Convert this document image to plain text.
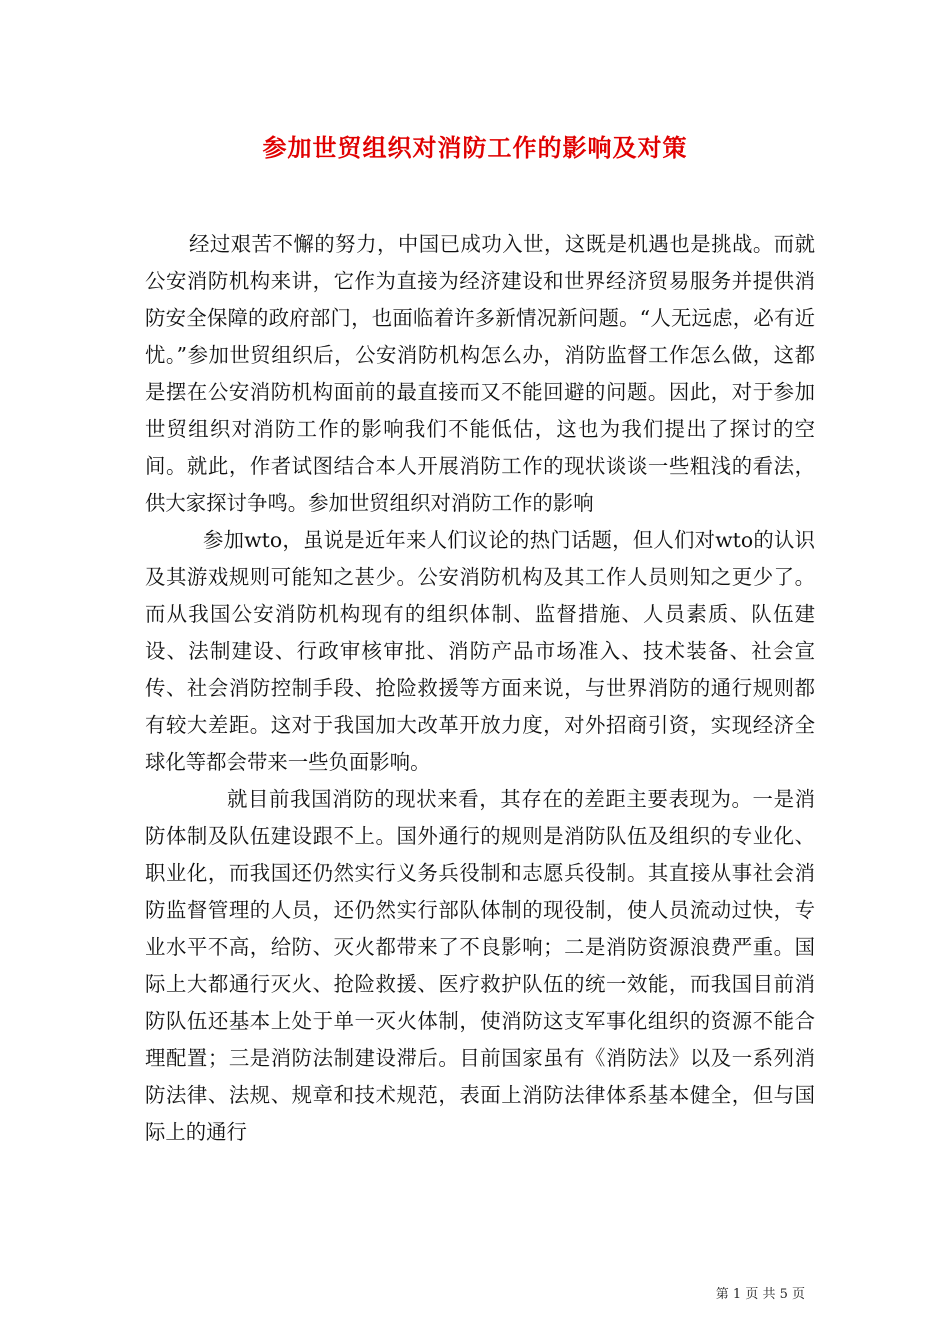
参加世贸组织对消防工作的影响及对策

经过艰苦不懈的努力，中国已成功入世，这既是机遇也是挑战。而就公安消防机构来讲，它作为直接为经济建设和世界经济贸易服务并提供消防安全保障的政府部门，也面临着许多新情况新问题。“人无远虑，必有近忧。”参加世贸组织后，公安消防机构怎么办，消防监督工作怎么做，这都是摆在公安消防机构面前的最直接而又不能回避的问题。因此，对于参加世贸组织对消防工作的影响我们不能低估，这也为我们提出了探讨的空间。就此，作者试图结合本人开展消防工作的现状谈谈一些粗浅的看法，供大家探讨争鸣。参加世贸组织对消防工作的影响

参加wto，虽说是近年来人们议论的热门话题，但人们对wto的认识及其游戏规则可能知之甚少。公安消防机构及其工作人员则知之更少了。而从我国公安消防机构现有的组织体制、监督措施、人员素质、队伍建设、法制建设、行政审核审批、消防产品市场准入、技术装备、社会宣传、社会消防控制手段、抢险救援等方面来说，与世界消防的通行规则都有较大差距。这对于我国加大改革开放力度，对外招商引资，实现经济全球化等都会带来一些负面影响。

就目前我国消防的现状来看，其存在的差距主要表现为。一是消防体制及队伍建设跟不上。国外通行的规则是消防队伍及组织的专业化、职业化，而我国还仍然实行义务兵役制和志愿兵役制。其直接从事社会消防监督管理的人员，还仍然实行部队体制的现役制，使人员流动过快，专业水平不高，给防、灭火都带来了不良影响；二是消防资源浪费严重。国际上大都通行灭火、抢险救援、医疗救护队伍的统一效能，而我国目前消防队伍还基本上处于单一灭火体制，使消防这支军事化组织的资源不能合理配置；三是消防法制建设滞后。目前国家虽有《消防法》以及一系列消防法律、法规、规章和技术规范，表面上消防法律体系基本健全，但与国际上的通行

第 1 页 共 5 页
